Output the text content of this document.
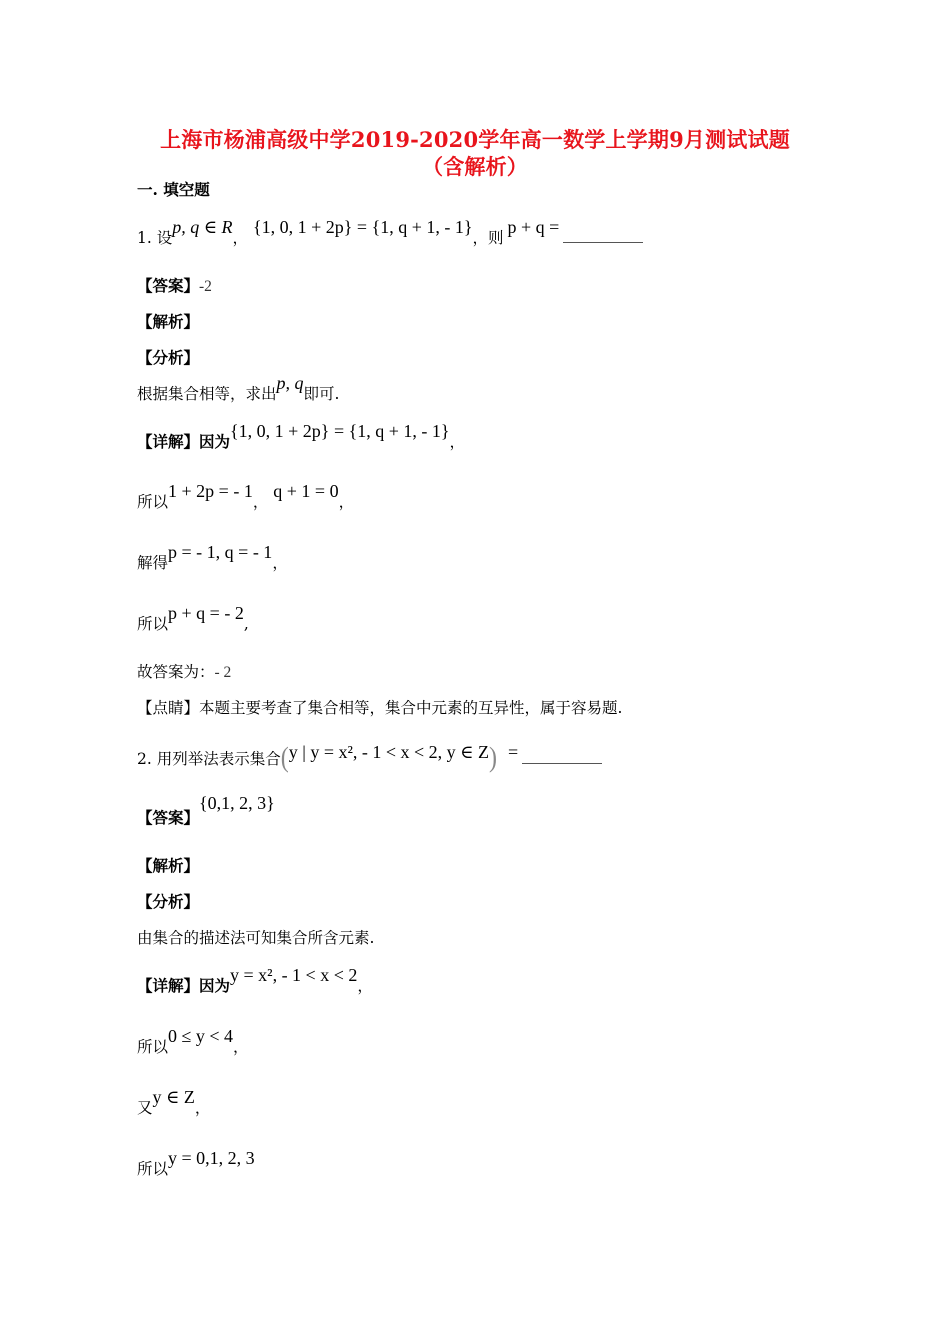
上海市杨浦高级中学2019-2020学年高一数学上学期9月测试试题
（含解析）
一. 填空题
1. 设p, q ∈ R， {1, 0, 1 + 2p} = {1, q + 1, - 1}，则p + q =
【答案】-2
【解析】
【分析】
根据集合相等，求出p, q即可.
【详解】因为{1, 0, 1 + 2p} = {1, q + 1, - 1}，
所以1 + 2p = - 1， q + 1 = 0，
解得p = - 1, q = - 1，
所以p + q = - 2,
故答案为：- 2
【点睛】本题主要考查了集合相等，集合中元素的互异性，属于容易题.
2. 用列举法表示集合(y | y = x², - 1 < x < 2, y ∈ Z) =
【答案】{0,1, 2, 3}
【解析】
【分析】
由集合的描述法可知集合所含元素.
【详解】因为y = x², - 1 < x < 2，
所以0 ≤ y < 4，
又y ∈ Z，
所以y = 0,1, 2, 3
